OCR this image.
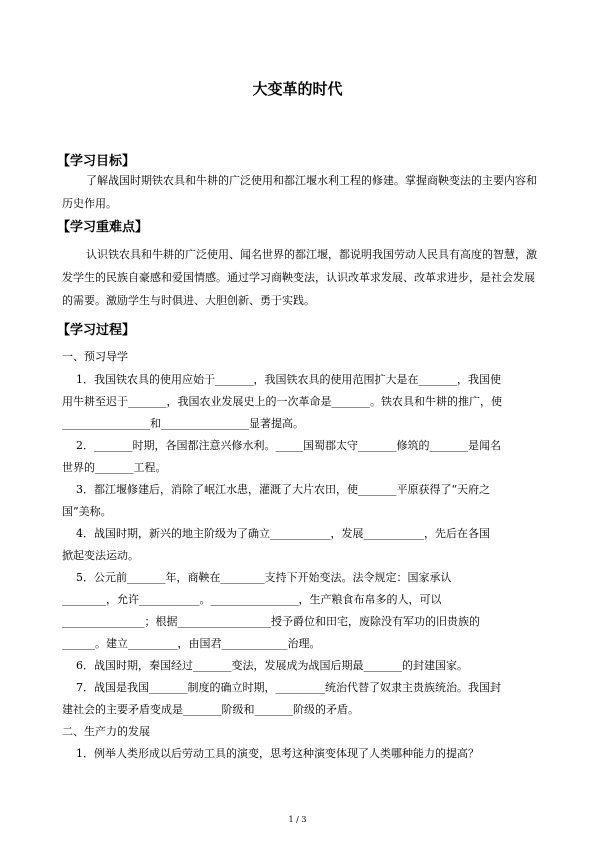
大变革的时代
【学习目标】
了解战国时期铁农具和牛耕的广泛使用和都江堰水利工程的修建。掌握商鞅变法的主要内容和历史作用。
【学习重难点】
认识铁农具和牛耕的广泛使用、闻名世界的都江堰，都说明我国劳动人民具有高度的智慧，激发学生的民族自豪感和爱国情感。通过学习商鞅变法，认识改革求发展、改革求进步，是社会发展的需要。激励学生与时俱进、大胆创新、勇于实践。
【学习过程】
一、预习导学
1．我国铁农具的使用应始于_______，我国铁农具的使用范围扩大是在_______，我国使
用牛耕至迟于_______，我国农业发展史上的一次革命是_______。铁农具和牛耕的推广，使
________________和________________显著提高。
2．_______时期，各国都注意兴修水利。_____国蜀郡太守_______修筑的_______是闻名
世界的_______工程。
3．都江堰修建后，消除了岷江水患，灌溉了大片农田，使_______平原获得了“天府之
国”美称。
4．战国时期，新兴的地主阶级为了确立___________，发展___________，先后在各国
掀起变法运动。
5．公元前_______年，商鞅在________支持下开始变法。法令规定：国家承认
________，允许___________。________________，生产粮食布帛多的人，可以
_______________；根据_________________授予爵位和田宅，废除没有军功的旧贵族的
______。建立_________，由国君____________治理。
6．战国时期，秦国经过_______变法，发展成为战国后期最_______的封建国家。
7．战国是我国_______制度的确立时期，_________统治代替了奴隶主贵族统治。我国封
建社会的主要矛盾变成是_______阶级和_______阶级的矛盾。
二、生产力的发展
1．例举人类形成以后劳动工具的演变，思考这种演变体现了人类哪种能力的提高？
1 / 3
